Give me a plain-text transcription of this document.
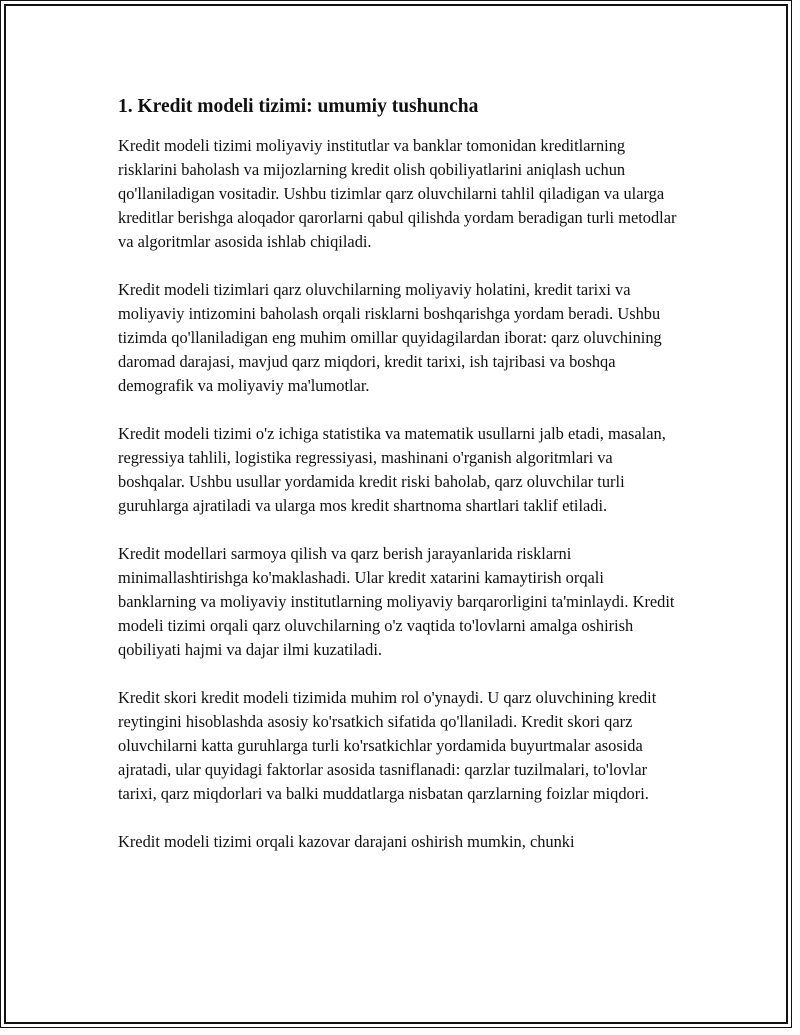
1. Kredit modeli tizimi: umumiy tushuncha

Kredit modeli tizimi moliyaviy institutlar va banklar tomonidan kreditlarning risklarini baholash va mijozlarning kredit olish qobiliyatlarini aniqlash uchun qo'llaniladigan vositadir. Ushbu tizimlar qarz oluvchilarni tahlil qiladigan va ularga kreditlar berishga aloqador qarorlarni qabul qilishda yordam beradigan turli metodlar va algoritmlar asosida ishlab chiqiladi.

Kredit modeli tizimlari qarz oluvchilarning moliyaviy holatini, kredit tarixi va moliyaviy intizomini baholash orqali risklarni boshqarishga yordam beradi. Ushbu tizimda qo'llaniladigan eng muhim omillar quyidagilardan iborat: qarz oluvchining daromad darajasi, mavjud qarz miqdori, kredit tarixi, ish tajribasi va boshqa demografik va moliyaviy ma'lumotlar.

Kredit modeli tizimi o'z ichiga statistika va matematik usullarni jalb etadi, masalan, regressiya tahlili, logistika regressiyasi, mashinani o'rganish algoritmlari va boshqalar. Ushbu usullar yordamida kredit riski baholab, qarz oluvchilar turli guruhlarga ajratiladi va ularga mos kredit shartnoma shartlari taklif etiladi.

Kredit modellari sarmoya qilish va qarz berish jarayanlarida risklarni minimallashtirishga ko'maklashadi. Ular kredit xatarini kamaytirish orqali banklarning va moliyaviy institutlarning moliyaviy barqarorligini ta'minlaydi. Kredit modeli tizimi orqali qarz oluvchilarning o'z vaqtida to'lovlarni amalga oshirish qobiliyati hajmi va dajar ilmi kuzatiladi.

Kredit skori kredit modeli tizimida muhim rol o'ynaydi. U qarz oluvchining kredit reytingini hisoblashda asosiy ko'rsatkich sifatida qo'llaniladi. Kredit skori qarz oluvchilarni katta guruhlarga turli ko'rsatkichlar yordamida buyurtmalar asosida ajratadi, ular quyidagi faktorlar asosida tasniflanadi: qarzlar tuzilmalari, to'lovlar tarixi, qarz miqdorlari va balki muddatlarga nisbatan qarzlarning foizlar miqdori.

Kredit modeli tizimi orqali kazovar darajani oshirish mumkin, chunki
